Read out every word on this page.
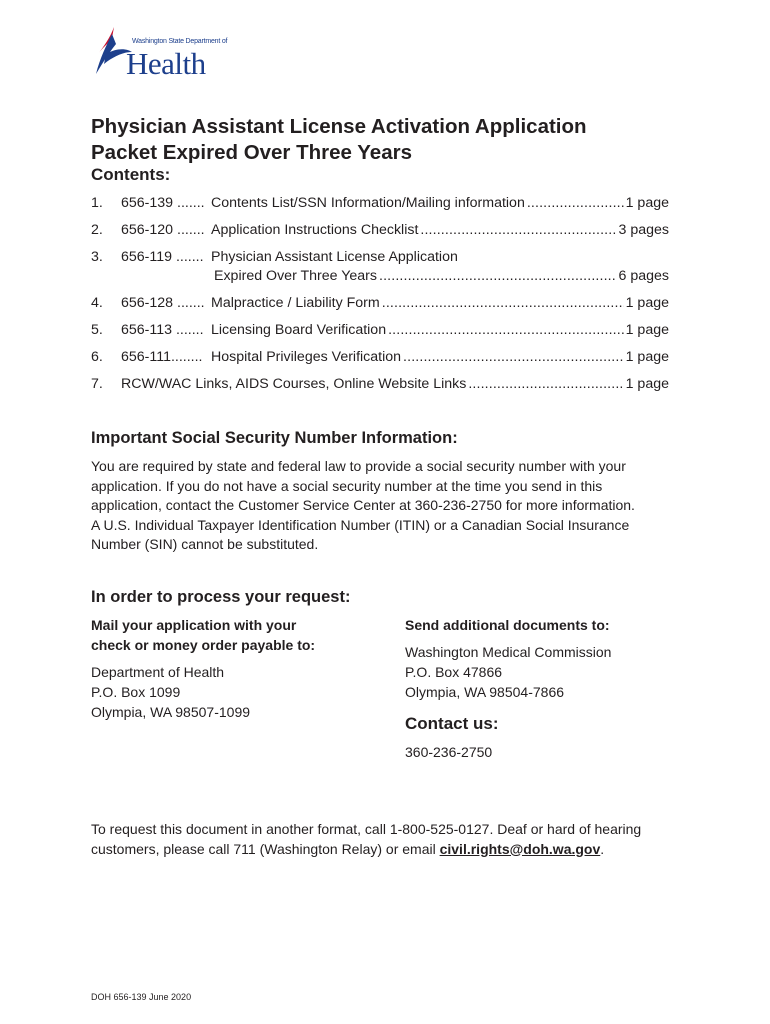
Washington State Department of
Health
Physician Assistant License Activation Application
Packet Expired Over Three Years
Contents:
1. 656-139 ....... Contents List/SSN Information/Mailing information . . .	1 page
2. 656-120 ....... Application Instructions Checklist . . .	3 pages
3. 656-119 ....... Physician Assistant License Application
Expired Over Three Years . . .	6 pages
4. 656-128 ....... Malpractice / Liability Form . . .	1 page
5. 656-113 ....... Licensing Board Verification . . .	1 page
6. 656-111........ Hospital Privileges Verification . . .	1 page
7. RCW/WAC Links, AIDS Courses, Online Website Links . . .	1 page
Important Social Security Number Information:
You are required by state and federal law to provide a social security number with your
application. If you do not have a social security number at the time you send in this
application, contact the Customer Service Center at 360-236-2750 for more information.
A U.S. Individual Taxpayer Identification Number (ITIN) or a Canadian Social Insurance
Number (SIN) cannot be substituted.
In order to process your request:
Mail your application with your
check or money order payable to:
Department of Health
P.O. Box 1099
Olympia, WA 98507-1099
Send additional documents to:
Washington Medical Commission
P.O. Box 47866
Olympia, WA 98504-7866
Contact us:
360-236-2750
To request this document in another format, call 1-800-525-0127. Deaf or hard of hearing
customers, please call 711 (Washington Relay) or email civil.rights@doh.wa.gov.
DOH 656-139 June 2020
